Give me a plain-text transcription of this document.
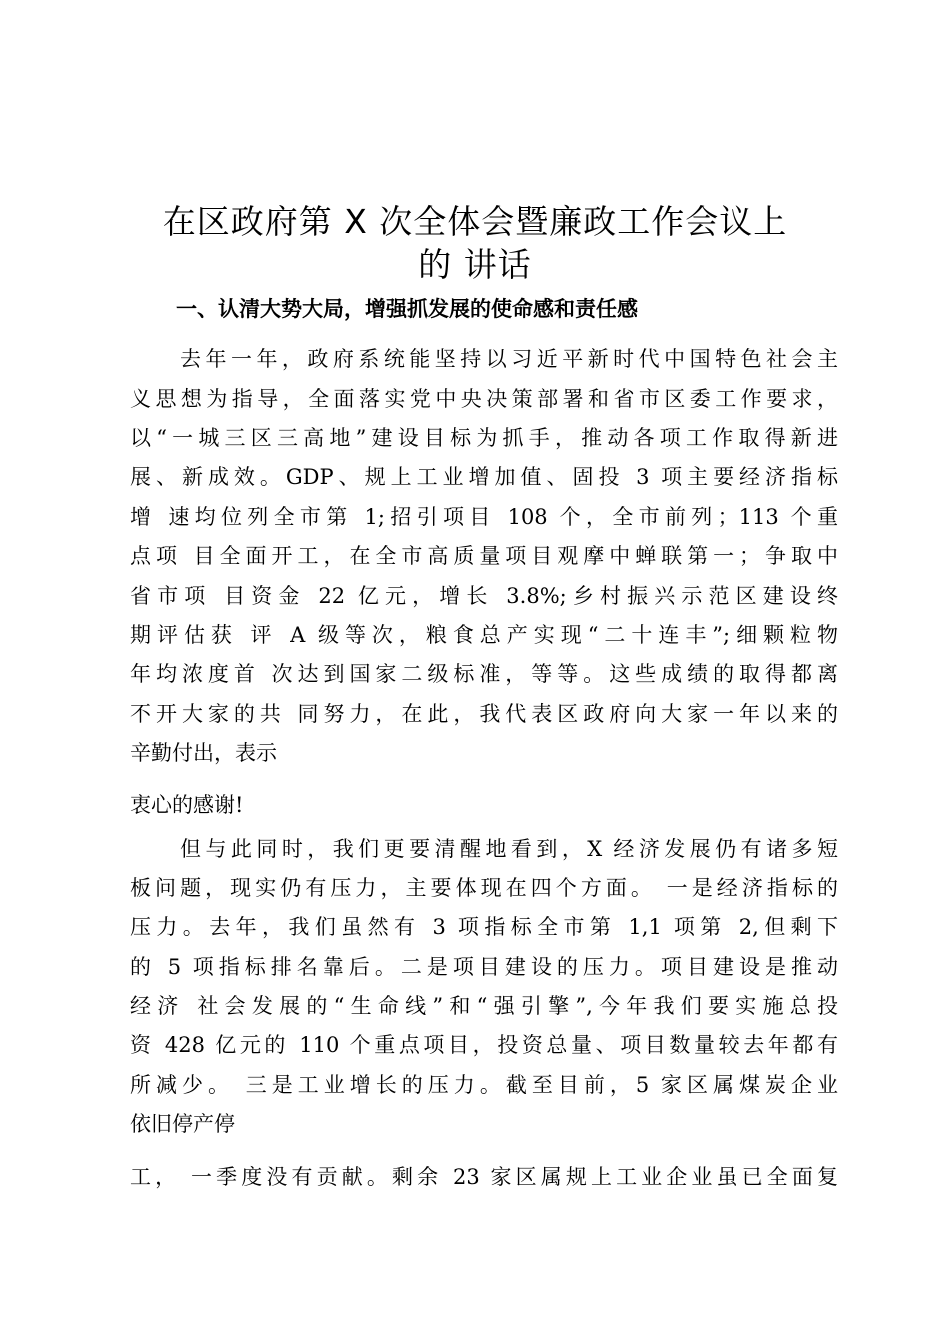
在区政府第 X 次全体会暨廉政工作会议上
的 讲话
一、认清大势大局，增强抓发展的使命感和责任感
去年一年，政府系统能坚持以习近平新时代中国特色社会主
义思想为指导，全面落实党中央决策部署和省市区委工作要求，
以“一城三区三高地”建设目标为抓手，推动各项工作取得新进
展、新成效。GDP、规上工业增加值、固投 3 项主要经济指标
增 速均位列全市第 1;招引项目 108 个，全市前列；113 个重
点项 目全面开工，在全市高质量项目观摩中蝉联第一；争取中
省市项 目资金 22 亿元，增长 3.8%;乡村振兴示范区建设终
期评估获 评 A 级等次，粮食总产实现“二十连丰”;细颗粒物
年均浓度首 次达到国家二级标准，等等。这些成绩的取得都离
不开大家的共 同努力，在此，我代表区政府向大家一年以来的
辛勤付出，表示
衷心的感谢!
但与此同时，我们更要清醒地看到，X 经济发展仍有诸多短
板问题，现实仍有压力，主要体现在四个方面。 一是经济指标的
压力。去年，我们虽然有 3 项指标全市第 1,1 项第 2,但剩下
的 5 项指标排名靠后。二是项目建设的压力。项目建设是推动
经济 社会发展的“生命线”和“强引擎”,今年我们要实施总投
资 428 亿元的 110 个重点项目，投资总量、项目数量较去年都有
所减少。 三是工业增长的压力。截至目前，5 家区属煤炭企业
依旧停产停
工， 一季度没有贡献。剩余 23 家区属规上工业企业虽已全面复
